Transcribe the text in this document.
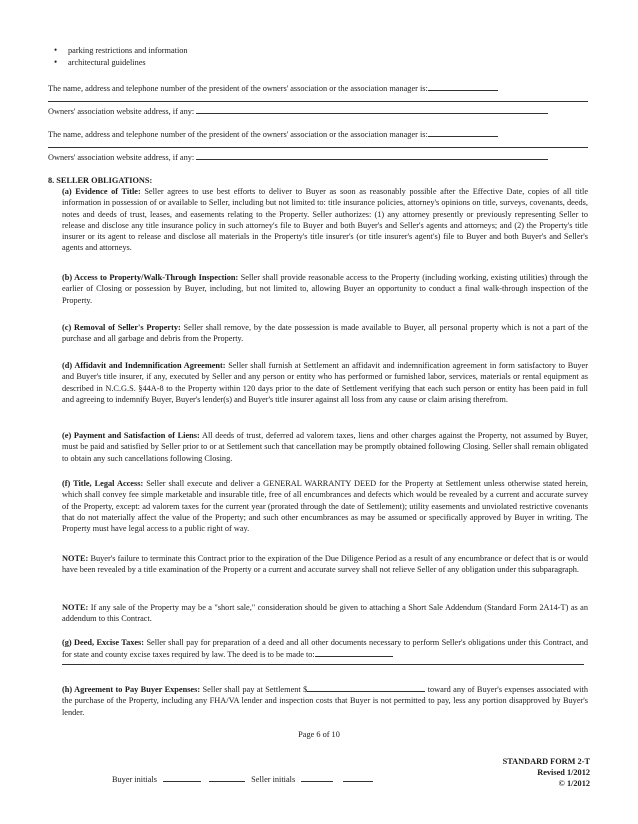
• parking restrictions and information
• architectural guidelines

The name, address and telephone number of the president of the owners' association or the association manager is:

Owners' association website address, if any:

The name, address and telephone number of the president of the owners' association or the association manager is:

Owners' association website address, if any:

8. SELLER OBLIGATIONS:

(a) Evidence of Title: Seller agrees to use best efforts to deliver to Buyer as soon as reasonably possible after the Effective Date, copies of all title information in possession of or available to Seller, including but not limited to: title insurance policies, attorney's opinions on title, surveys, covenants, deeds, notes and deeds of trust, leases, and easements relating to the Property. Seller authorizes: (1) any attorney presently or previously representing Seller to release and disclose any title insurance policy in such attorney's file to Buyer and both Buyer's and Seller's agents and attorneys; and (2) the Property's title insurer or its agent to release and disclose all materials in the Property's title insurer's (or title insurer's agent's) file to Buyer and both Buyer's and Seller's agents and attorneys.

(b) Access to Property/Walk-Through Inspection: Seller shall provide reasonable access to the Property (including working, existing utilities) through the earlier of Closing or possession by Buyer, including, but not limited to, allowing Buyer an opportunity to conduct a final walk-through inspection of the Property.

(c) Removal of Seller's Property: Seller shall remove, by the date possession is made available to Buyer, all personal property which is not a part of the purchase and all garbage and debris from the Property.

(d) Affidavit and Indemnification Agreement: Seller shall furnish at Settlement an affidavit and indemnification agreement in form satisfactory to Buyer and Buyer's title insurer, if any, executed by Seller and any person or entity who has performed or furnished labor, services, materials or rental equipment as described in N.C.G.S. §44A-8 to the Property within 120 days prior to the date of Settlement verifying that each such person or entity has been paid in full and agreeing to indemnify Buyer, Buyer's lender(s) and Buyer's title insurer against all loss from any cause or claim arising therefrom.

(e) Payment and Satisfaction of Liens: All deeds of trust, deferred ad valorem taxes, liens and other charges against the Property, not assumed by Buyer, must be paid and satisfied by Seller prior to or at Settlement such that cancellation may be promptly obtained following Closing. Seller shall remain obligated to obtain any such cancellations following Closing.

(f) Title, Legal Access: Seller shall execute and deliver a GENERAL WARRANTY DEED for the Property at Settlement unless otherwise stated herein, which shall convey fee simple marketable and insurable title, free of all encumbrances and defects which would be revealed by a current and accurate survey of the Property, except: ad valorem taxes for the current year (prorated through the date of Settlement); utility easements and unviolated restrictive covenants that do not materially affect the value of the Property; and such other encumbrances as may be assumed or specifically approved by Buyer in writing. The Property must have legal access to a public right of way.

NOTE: Buyer's failure to terminate this Contract prior to the expiration of the Due Diligence Period as a result of any encumbrance or defect that is or would have been revealed by a title examination of the Property or a current and accurate survey shall not relieve Seller of any obligation under this subparagraph.

NOTE: If any sale of the Property may be a "short sale," consideration should be given to attaching a Short Sale Addendum (Standard Form 2A14-T) as an addendum to this Contract.

(g) Deed, Excise Taxes: Seller shall pay for preparation of a deed and all other documents necessary to perform Seller's obligations under this Contract, and for state and county excise taxes required by law. The deed is to be made to:

(h) Agreement to Pay Buyer Expenses: Seller shall pay at Settlement $	toward any of Buyer's expenses associated with the purchase of the Property, including any FHA/VA lender and inspection costs that Buyer is not permitted to pay, less any portion disapproved by Buyer's lender.

Page 6 of 10
STANDARD FORM 2-T
Revised 1/2012
© 1/2012
Buyer initials	Seller initials
